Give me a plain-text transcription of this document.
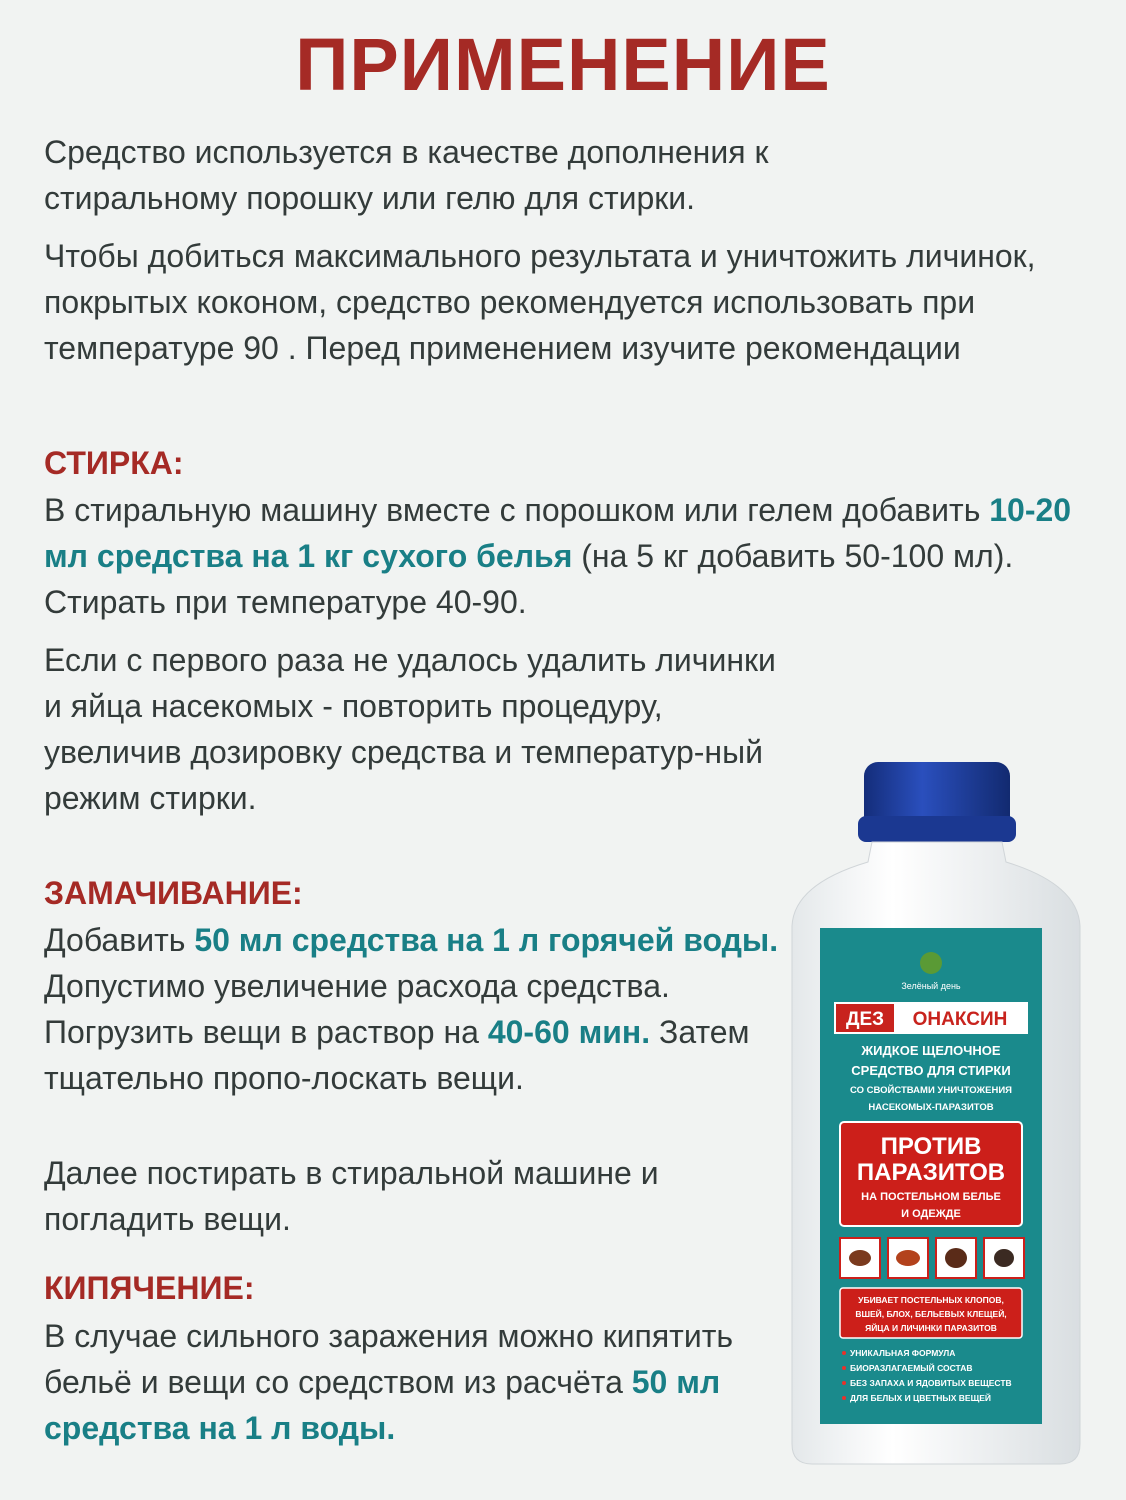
ПРИМЕНЕНИЕ

Средство используется в качестве дополнения к стиральному порошку или гелю для стирки.

Чтобы добиться максимального результата и уничтожить личинок, покрытых коконом, средство рекомендуется использовать при температуре 90 . Перед применением изучите рекомендации

СТИРКА:

В стиральную машину вместе с порошком или гелем добавить 10-20 мл средства на 1 кг сухого белья (на 5 кг добавить 50-100 мл). Стирать при температуре 40-90.

Если с первого раза не удалось удалить личинки и яйца насекомых - повторить процедуру, увеличив дозировку средства и температур-ный режим стирки.

ЗАМАЧИВАНИЕ:

Добавить 50 мл средства на 1 л горячей воды. Допустимо увеличение расхода средства. Погрузить вещи в раствор на 40-60 мин. Затем тщательно пропо-лоскать вещи.

Далее постирать в стиральной машине и погладить вещи.

КИПЯЧЕНИЕ:

В случае сильного заражения можно кипятить бельё и вещи со средством из расчёта 50 мл средства на 1 л воды.

Зелёный день
ДЕЗ ОНАКСИН
ЖИДКОЕ ЩЕЛОЧНОЕ
СРЕДСТВО ДЛЯ СТИРКИ
СО СВОЙСТВАМИ УНИЧТОЖЕНИЯ
НАСЕКОМЫХ-ПАРАЗИТОВ
ПРОТИВ
ПАРАЗИТОВ
НА ПОСТЕЛЬНОМ БЕЛЬЕ
И ОДЕЖДЕ
УБИВАЕТ ПОСТЕЛЬНЫХ КЛОПОВ,
ВШЕЙ, БЛОХ, БЕЛЬЕВЫХ КЛЕЩЕЙ,
ЯЙЦА И ЛИЧИНКИ ПАРАЗИТОВ
УНИКАЛЬНАЯ ФОРМУЛА
БИОРАЗЛАГАЕМЫЙ СОСТАВ
БЕЗ ЗАПАХА И ЯДОВИТЫХ ВЕЩЕСТВ
ДЛЯ БЕЛЫХ И ЦВЕТНЫХ ВЕЩЕЙ
